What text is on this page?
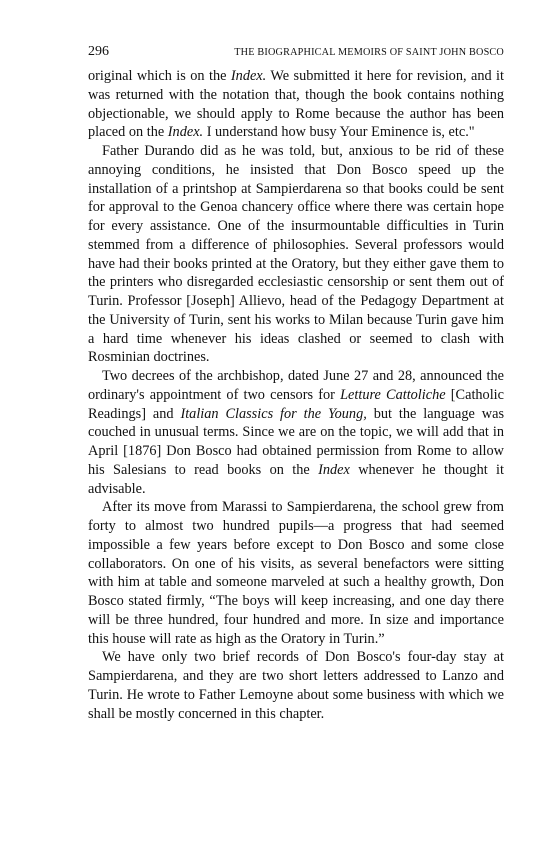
296	THE BIOGRAPHICAL MEMOIRS OF SAINT JOHN BOSCO

original which is on the Index. We submitted it here for revision, and it was returned with the notation that, though the book contains nothing objectionable, we should apply to Rome because the author has been placed on the Index. I understand how busy Your Eminence is, etc."

Father Durando did as he was told, but, anxious to be rid of these annoying conditions, he insisted that Don Bosco speed up the installation of a printshop at Sampierdarena so that books could be sent for approval to the Genoa chancery office where there was certain hope for every assistance. One of the insurmountable difficulties in Turin stemmed from a difference of philosophies. Several professors would have had their books printed at the Oratory, but they either gave them to the printers who disregarded ecclesiastic censorship or sent them out of Turin. Professor [Joseph] Allievo, head of the Pedagogy Department at the University of Turin, sent his works to Milan because Turin gave him a hard time whenever his ideas clashed or seemed to clash with Rosminian doctrines.

Two decrees of the archbishop, dated June 27 and 28, announced the ordinary's appointment of two censors for Letture Cattoliche [Catholic Readings] and Italian Classics for the Young, but the language was couched in unusual terms. Since we are on the topic, we will add that in April [1876] Don Bosco had obtained permission from Rome to allow his Salesians to read books on the Index whenever he thought it advisable.

After its move from Marassi to Sampierdarena, the school grew from forty to almost two hundred pupils—a progress that had seemed impossible a few years before except to Don Bosco and some close collaborators. On one of his visits, as several benefactors were sitting with him at table and someone marveled at such a healthy growth, Don Bosco stated firmly, “The boys will keep increasing, and one day there will be three hundred, four hundred and more. In size and importance this house will rate as high as the Oratory in Turin.”

We have only two brief records of Don Bosco's four-day stay at Sampierdarena, and they are two short letters addressed to Lanzo and Turin. He wrote to Father Lemoyne about some business with which we shall be mostly concerned in this chapter.
